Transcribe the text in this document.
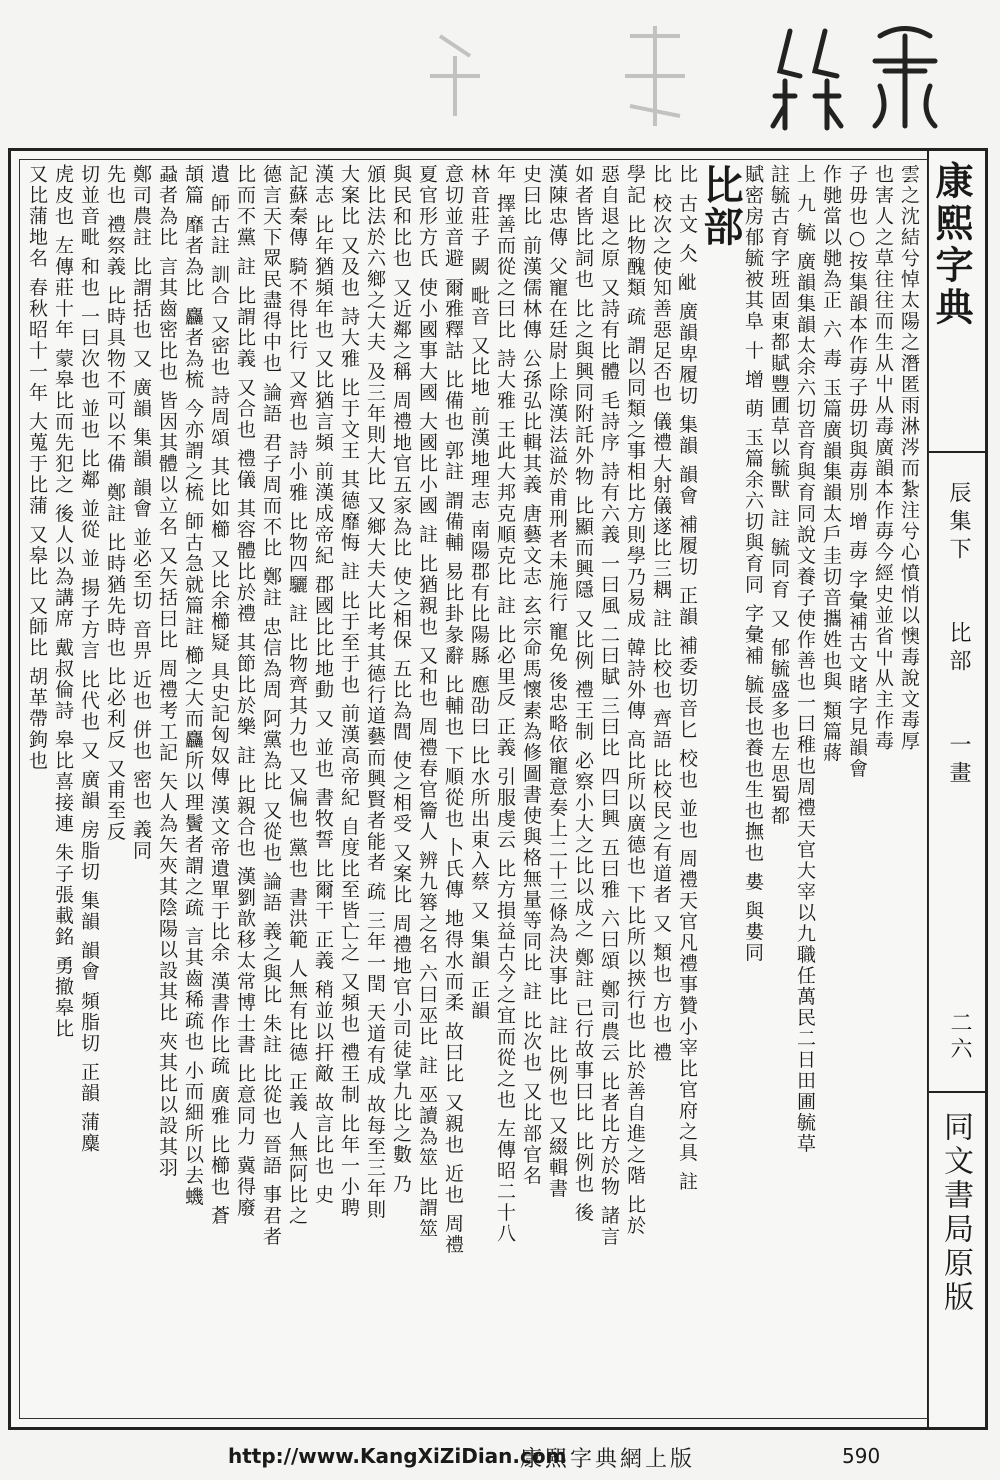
康熙字典
辰集下  比部  一畫
二六
同文書局原版
雲之沈結兮悼太陽之潛匿雨淋涔而紮注兮心憤悄以懊毒說文毒厚
也害人之草往往而生从屮从毒廣韻本作毐今經史並省屮从主作毒
子毋也○按集韻本作毐子毋切與毐別 增 毐 字彙補古文睹字見韻會
作毑當以毑為正 六 毒 玉篇廣韻集韻太戶圭切音攜姓也與 類篇蔣
上 九 毓 廣韻集韻太余六切音育與育同說文養子使作善也一曰稚也周禮天官大宰以九職任萬民二日田圃毓草
註毓古育字班固東都賦豐圃草以毓獸 註 毓同育 又 郁毓盛多也左思蜀都
賦密房郁毓被其阜 十 增 萌 玉篇余六切與育同 字彙補 毓長也養也生也撫也 婁 與婁同
比部
比 古文 仌 𣬈 廣韻卑履切 集韻 韻會 補履切 正韻 補委切音匕 校也 並也 周禮天官凡禮事贊小宰比官府之具 註
比 校次之使知善惡足否也 儀禮大射儀遂比三耦 註 比校也 齊語 比校民之有道者 又 類也 方也 禮
學記 比物醜類 疏 謂以同類之事相比方則學乃易成 韓詩外傳 高比所以廣德也 下比所以挾行也 比於善自進之階 比於
惡自退之原 又詩有比體 毛詩序 詩有六義 一曰風 二曰賦 三曰比 四曰興 五曰雅 六曰頌 鄭司農云 比者比方於物 諸言
如者皆比詞也 比之與興同附託外物 比顯而興隱 又比例 禮王制 必察小大之比以成之 鄭註 已行故事曰比 比例也 後
漢陳忠傳 父寵在廷尉上除漢法溢於甫刑者未施行 寵免 後忠略依寵意奏上二十三條為決事比 註 比例也 又綴輯書
史曰比 前漢儒林傳 公孫弘比輯其義 唐藝文志 玄宗命馬懷素為修圖書使與格無量等同比 註 比次也 又比部官名
年 擇善而從之曰比 詩大雅 王此大邦克順克比 註 比必里反 正義 引服虔云 比方損益古今之宜而從之也 左傳昭二十八
林音莊子 闕 毗音 又比地 前漢地理志 南陽郡有比陽縣 應劭曰 比水所出東入蔡 又 集韻 正韻
意切並音避 爾雅釋詁 比備也 郭註 謂備輔 易比卦彖辭 比輔也 下順從也 卜氏傳 地得水而柔 故曰比 又親也 近也 周禮
夏官形方氏 使小國事大國 大國比小國 註 比猶親也 又和也 周禮春官籥人 辨九簭之名 六曰巫比 註 巫讀為筮 比謂筮
與民和比也 又近鄰之稱 周禮地官五家為比 使之相保 五比為閭 使之相受 又案比 周禮地官小司徒掌九比之數 乃
頒比法於六鄉之大夫 及三年則大比 又鄉大夫大比考其德行道藝而興賢者能者 疏 三年一閏 天道有成 故每至三年則
大案比 又及也 詩大雅 比于文王 其德靡悔 註 比于至于也 前漢高帝紀 自度比至皆亡之 又頻也 禮王制 比年一小聘
漢志 比年猶頻年也 又比猶言頻 前漢成帝紀 郡國比比地動 又 並也 書牧誓 比爾干 正義 稍並以扞敵 故言比也 史
記蘇秦傳 騎不得比行 又齊也 詩小雅 比物四驪 註 比物齊其力也 又偏也 黨也 書洪範 人無有比德 正義 人無阿比之
德言天下眾民盡得中也 論語 君子周而不比 鄭註 忠信為周 阿黨為比 又從也 論語 義之與比 朱註 比從也 晉語 事君者
比而不黨 註 比謂比義 又合也 禮儀 其容體比於禮 其節比於樂 註 比親合也 漢劉歆移太常博士書 比意同力 冀得廢
遺 師古註 訓合 又密也 詩周頌 其比如櫛 又比余櫛疑 具史記匈奴傳 漢文帝遺單于比余 漢書作比疏 廣雅 比櫛也 蒼
頡篇 靡者為比 麤者為梳 今亦謂之梳 師古急就篇註 櫛之大而麤所以理鬢者謂之疏 言其齒稀疏也 小而細所以去蟣
蝨者為比 言其齒密比也 皆因其體以立名 又矢括曰比 周禮考工記 矢人為矢夾其陰陽以設其比 夾其比以設其羽
鄭司農註 比謂括也 又 廣韻 集韻 韻會 並必至切 音畀 近也 併也 密也 義同
先也 禮祭義 比時具物不可以不備 鄭註 比時猶先時也 比必利反 又甫至反
切並音毗 和也 一曰次也 並也 比鄰 並從 並 揚子方言 比代也 又 廣韻 房脂切 集韻 韻會 頻脂切 正韻 蒲麋
虎皮也 左傳莊十年 蒙皋比而先犯之 後人以為講席 戴叔倫詩 皋比喜接連 朱子張載銘 勇撤皋比
又比蒲地名 春秋昭十一年 大蒐于比蒲 又皋比 又師比 胡革帶鉤也
http://www.KangXiZiDian.com
康熙字典網上版	590
